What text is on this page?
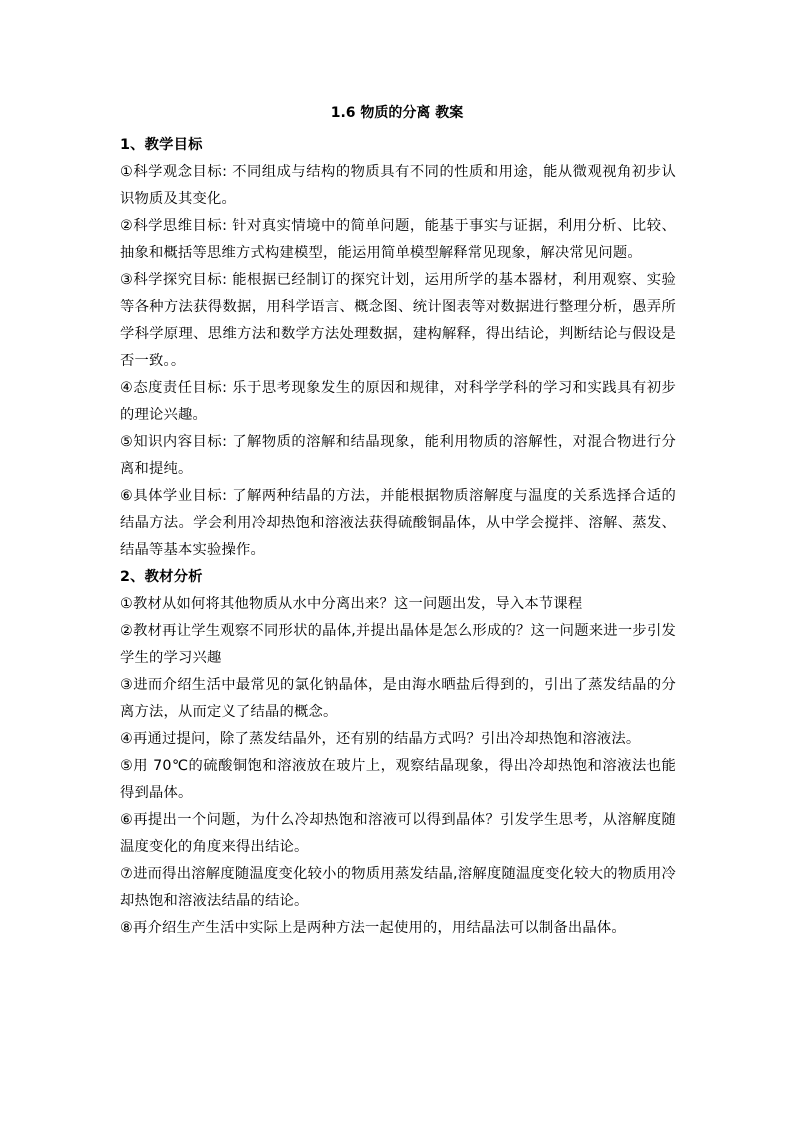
1.6 物质的分离 教案

1、教学目标

①科学观念目标: 不同组成与结构的物质具有不同的性质和用途，能从微观视角初步认识物质及其变化。

②科学思维目标: 针对真实情境中的简单问题，能基于事实与证据，利用分析、比较、抽象和概括等思维方式构建模型，能运用简单模型解释常见现象，解决常见问题。

③科学探究目标: 能根据已经制订的探究计划，运用所学的基本器材，利用观察、实验等各种方法获得数据，用科学语言、概念图、统计图表等对数据进行整理分析，愚弄所学科学原理、思维方法和数学方法处理数据，建构解释，得出结论，判断结论与假设是否一致。。

④态度责任目标: 乐于思考现象发生的原因和规律，对科学学科的学习和实践具有初步的理论兴趣。

⑤知识内容目标: 了解物质的溶解和结晶现象，能利用物质的溶解性，对混合物进行分离和提纯。

⑥具体学业目标: 了解两种结晶的方法，并能根据物质溶解度与温度的关系选择合适的结晶方法。学会利用冷却热饱和溶液法获得硫酸铜晶体，从中学会搅拌、溶解、蒸发、结晶等基本实验操作。

2、教材分析

①教材从如何将其他物质从水中分离出来？这一问题出发，导入本节课程

②教材再让学生观察不同形状的晶体,并提出晶体是怎么形成的？这一问题来进一步引发学生的学习兴趣

③进而介绍生活中最常见的氯化钠晶体，是由海水晒盐后得到的，引出了蒸发结晶的分离方法，从而定义了结晶的概念。

④再通过提问，除了蒸发结晶外，还有别的结晶方式吗？引出冷却热饱和溶液法。

⑤用 70℃的硫酸铜饱和溶液放在玻片上，观察结晶现象，得出冷却热饱和溶液法也能得到晶体。

⑥再提出一个问题，为什么冷却热饱和溶液可以得到晶体？引发学生思考，从溶解度随温度变化的角度来得出结论。

⑦进而得出溶解度随温度变化较小的物质用蒸发结晶,溶解度随温度变化较大的物质用冷却热饱和溶液法结晶的结论。

⑧再介绍生产生活中实际上是两种方法一起使用的，用结晶法可以制备出晶体。
